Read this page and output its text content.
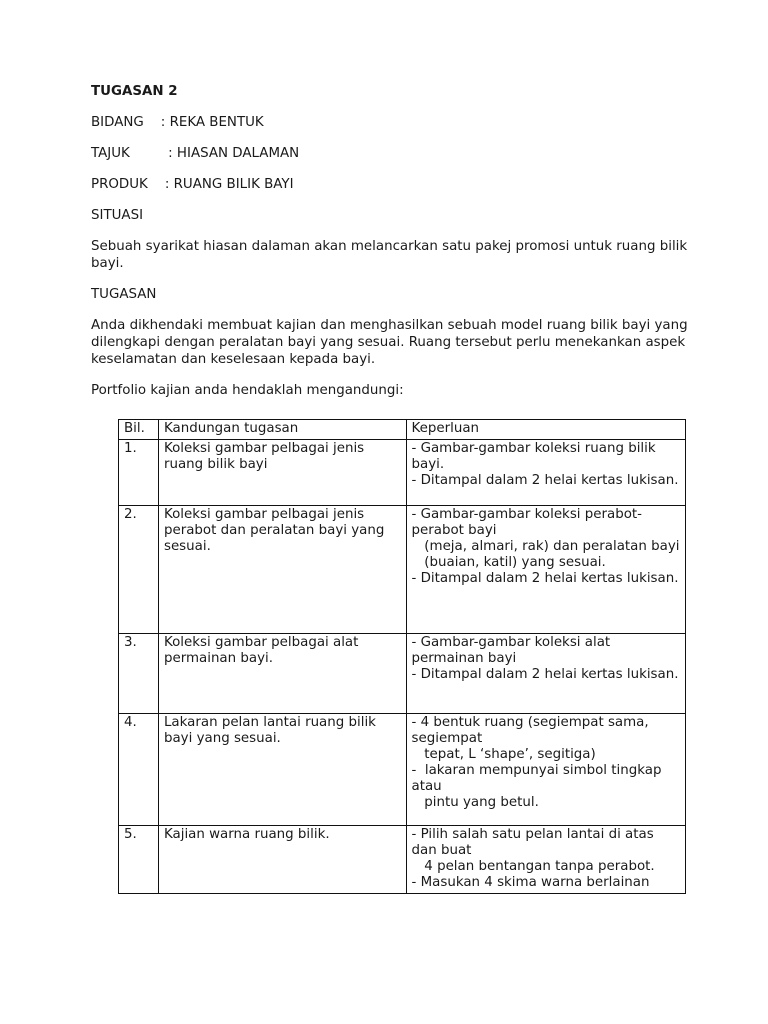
TUGASAN 2
BIDANG    : REKA BENTUK
TAJUK         : HIASAN DALAMAN
PRODUK    : RUANG BILIK BAYI
SITUASI
Sebuah syarikat hiasan dalaman akan melancarkan satu pakej promosi untuk ruang bilik bayi.
TUGASAN
Anda dikhendaki membuat kajian dan menghasilkan sebuah model ruang bilik bayi yang dilengkapi dengan peralatan bayi yang sesuai. Ruang tersebut perlu menekankan aspek keselamatan dan keselesaan kepada bayi.
Portfolio kajian anda hendaklah mengandungi:
Bil.	Kandungan tugasan	Keperluan
1.	Koleksi gambar pelbagai jenis ruang bilik bayi	- Gambar-gambar koleksi ruang bilik bayi.
- Ditampal dalam 2 helai kertas lukisan.

2.	Koleksi gambar pelbagai jenis perabot dan peralatan bayi yang sesuai.	- Gambar-gambar koleksi perabot-perabot bayi
(meja, almari, rak) dan peralatan bayi
(buaian, katil) yang sesuai.
- Ditampal dalam 2 helai kertas lukisan.

3.	Koleksi gambar pelbagai alat permainan bayi.	- Gambar-gambar koleksi alat permainan bayi
- Ditampal dalam 2 helai kertas lukisan.

4.	Lakaran pelan lantai ruang bilik bayi yang sesuai.	- 4 bentuk ruang (segiempat sama, segiempat
tepat, L ‘shape’, segitiga)
-  lakaran mempunyai simbol tingkap atau
pintu yang betul.

5.	Kajian warna ruang bilik.	- Pilih salah satu pelan lantai di atas dan buat
4 pelan bentangan tanpa perabot.
- Masukan 4 skima warna berlainan
